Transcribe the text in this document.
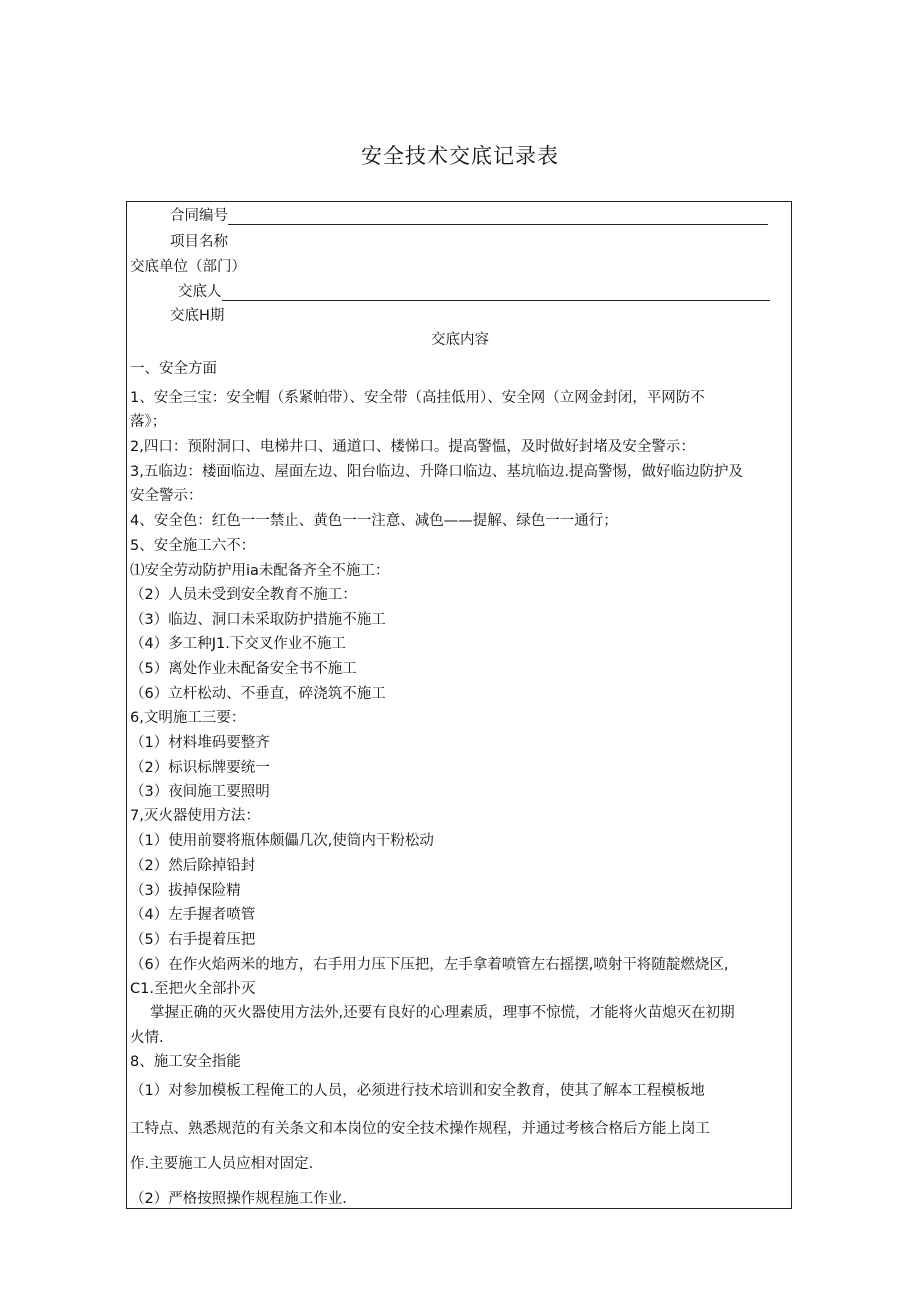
安全技术交底记录表
合同编号
项目名称
交底单位（部门）
交底人
交底H期
交底内容
一、安全方面
1、安全三宝：安全帽（系紧帕带）、安全带（高挂低用）、安全网（立网金封闭，平网防不
落》；
2,四口：预附洞口、电梯井口、通道口、楼悌口。提高警愠，及时做好封堵及安全警示：
3,五临边：楼面临边、屋面左边、阳台临边、升降口临边、基坑临边.提高警惕，做好临边防护及
安全警示：
4、安全色：红色一一禁止、黄色一一注意、减色——提解、绿色一一通行；
5、安全施工六不：
⑴安全劳动防护用ia未配备齐全不施工：
（2）人员未受到安全教育不施工：
（3）临边、洞口未采取防护措施不施工
（4）多工种J1.下交叉作业不施工
（5）离处作业未配备安全书不施工
（6）立杆松动、不垂直，碎浇筑不施工
6,文明施工三要：
（1）材料堆码要整齐
（2）标识标牌要统一
（3）夜间施工要照明
7,灭火器使用方法：
（1）使用前婴将瓶体颇儡几次,使筒内干粉松动
（2）然后除掉铅封
（3）拔掉保险精
（4）左手握者喷管
（5）右手提着压把
（6）在作火焰两米的地方，右手用力压下压把，左手拿着喷管左右摇摆,喷射干将随靛燃烧区,
C1.至把火全部扑灭
掌握正确的灭火器使用方法外,还要有良好的心理素质，理事不惊慌，才能将火苗熄灭在初期
火情.
8、施工安全指能
（1）对参加模板工程俺工的人员，必须进行技术培训和安全教育，使其了解本工程模板地
工特点、熟悉规范的有关条文和本岗位的安全技术操作规程，并通过考核合格后方能上岗工
作.主要施工人员应相对固定.
（2）严格按照操作规程施工作业.
